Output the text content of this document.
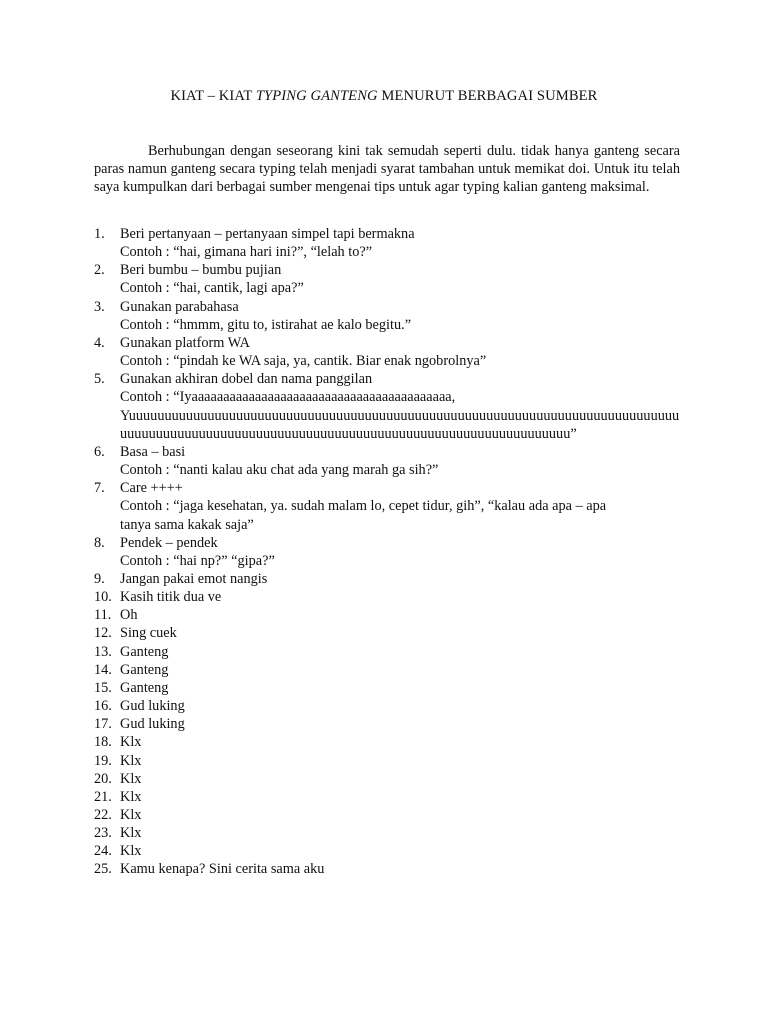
KIAT – KIAT TYPING GANTENG MENURUT BERBAGAI SUMBER

Berhubungan dengan seseorang kini tak semudah seperti dulu. tidak hanya ganteng secara paras namun ganteng secara typing telah menjadi syarat tambahan untuk memikat doi. Untuk itu telah saya kumpulkan dari berbagai sumber mengenai tips untuk agar typing kalian ganteng maksimal.

1.	Beri pertanyaan – pertanyaan simpel tapi bermakna
Contoh : “hai, gimana hari ini?”, “lelah to?”
2.	Beri bumbu – bumbu pujian
Contoh : “hai, cantik, lagi apa?”
3.	Gunakan parabahasa
Contoh : “hmmm, gitu to, istirahat ae kalo begitu.”
4.	Gunakan platform WA
Contoh : “pindah ke WA saja, ya, cantik. Biar enak ngobrolnya”
5.	Gunakan akhiran dobel dan nama panggilan
Contoh : “Iyaaaaaaaaaaaaaaaaaaaaaaaaaaaaaaaaaaaaaaaaa,
Yuuuuuuuuuuuuuuuuuuuuuuuuuuuuuuuuuuuuuuuuuuuuuuuuuuuuuuuuuuuuuuuuuuuuuuuuuuuuu
uuuuuuuuuuuuuuuuuuuuuuuuuuuuuuuuuuuuuuuuuuuuuuuuuuuuuuuuuuuuuuu”
6.	Basa – basi
Contoh : “nanti kalau aku chat ada yang marah ga sih?”
7.	Care ++++
Contoh : “jaga kesehatan, ya. sudah malam lo, cepet tidur, gih”, “kalau ada apa – apa
tanya sama kakak saja”
8.	Pendek – pendek
Contoh : “hai np?” “gipa?”
9.	Jangan pakai emot nangis
10. Kasih titik dua ve
11. Oh
12. Sing cuek
13. Ganteng
14. Ganteng
15. Ganteng
16. Gud luking
17. Gud luking
18. Klx
19. Klx
20. Klx
21. Klx
22. Klx
23. Klx
24. Klx
25. Kamu kenapa? Sini cerita sama aku
